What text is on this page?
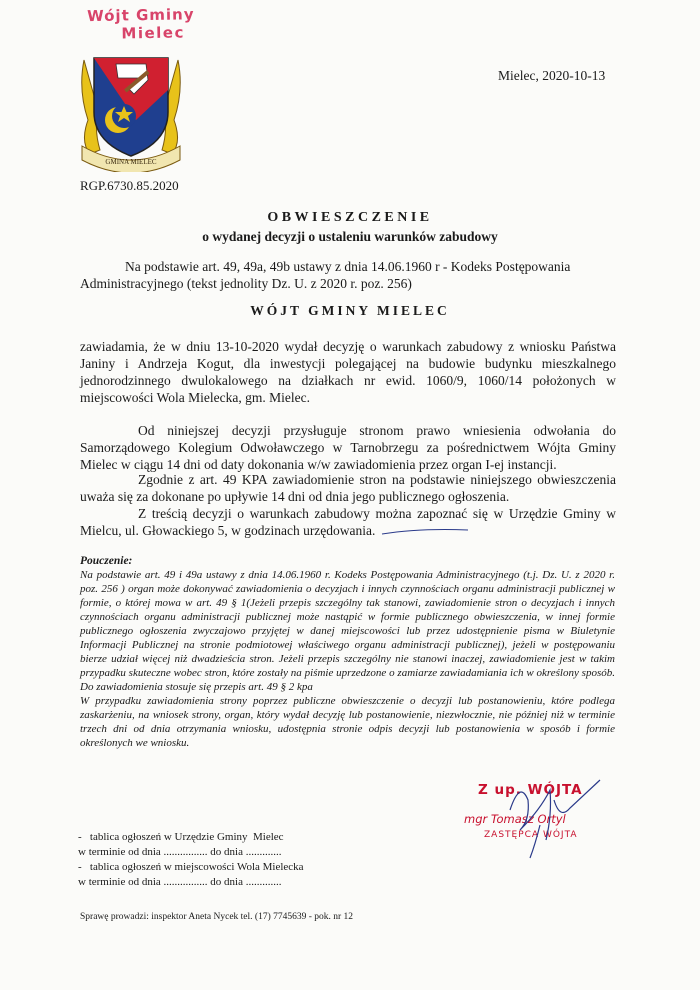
Wójt Gminy
Mielec
GMINA MIELEC
Mielec, 2020-10-13
RGP.6730.85.2020
OBWIESZCZENIE
o wydanej decyzji o ustaleniu warunków zabudowy
Na podstawie art. 49, 49a, 49b ustawy z dnia 14.06.1960 r - Kodeks Postępowania
Administracyjnego (tekst jednolity Dz. U. z 2020 r. poz. 256)
WÓJT GMINY MIELEC
zawiadamia, że w dniu 13-10-2020 wydał decyzję o warunkach zabudowy z wniosku Państwa Janiny i Andrzeja Kogut, dla inwestycji polegającej na budowie budynku mieszkalnego jednorodzinnego dwulokalowego na działkach nr ewid. 1060/9, 1060/14 położonych w miejscowości Wola Mielecka, gm. Mielec.
Od niniejszej decyzji przysługuje stronom prawo wniesienia odwołania do Samorządowego Kolegium Odwoławczego w Tarnobrzegu za pośrednictwem Wójta Gminy Mielec w ciągu 14 dni od daty dokonania w/w zawiadomienia przez organ I-ej instancji.
Zgodnie z art. 49 KPA zawiadomienie stron na podstawie niniejszego obwieszczenia uważa się za dokonane po upływie 14 dni od dnia jego publicznego ogłoszenia.
Z treścią decyzji o warunkach zabudowy można zapoznać się w Urzędzie Gminy w Mielcu, ul. Głowackiego 5, w godzinach urzędowania.
Pouczenie:
Na podstawie art. 49 i 49a ustawy z dnia 14.06.1960 r. Kodeks Postępowania Administracyjnego (t.j. Dz. U. z 2020 r. poz. 256 ) organ może dokonywać zawiadomienia o decyzjach i innych czynnościach organu administracji publicznej w formie, o której mowa w art. 49 § 1(Jeżeli przepis szczególny tak stanowi, zawiadomienie stron o decyzjach i innych czynnościach organu administracji publicznej może nastąpić w formie publicznego obwieszczenia, w innej formie publicznego ogłoszenia zwyczajowo przyjętej w danej miejscowości lub przez udostępnienie pisma w Biuletynie Informacji Publicznej na stronie podmiotowej właściwego organu administracji publicznej), jeżeli w postępowaniu bierze udział więcej niż dwadzieścia stron. Jeżeli przepis szczególny nie stanowi inaczej, zawiadomienie jest w takim przypadku skuteczne wobec stron, które zostały na piśmie uprzedzone o zamiarze zawiadamiania ich w określony sposób. Do zawiadomienia stosuje się przepis art. 49 § 2 kpa
W przypadku zawiadomienia strony poprzez publiczne obwieszczenie o decyzji lub postanowieniu, które podlega zaskarżeniu, na wniosek strony, organ, który wydał decyzję lub postanowienie, niezwłocznie, nie później niż w terminie trzech dni od dnia otrzymania wniosku, udostępnia stronie odpis decyzji lub postanowienia w sposób i formie określonych we wniosku.
Z up. WÓJTA
mgr Tomasz Ortyl
ZASTĘPCA WÓJTA
-   tablica ogłoszeń w Urzędzie Gminy  Mielec
w terminie od dnia ................ do dnia .............
-   tablica ogłoszeń w miejscowości Wola Mielecka
w terminie od dnia ................ do dnia .............
Sprawę prowadzi: inspektor Aneta Nycek tel. (17) 7745639 - pok. nr 12
